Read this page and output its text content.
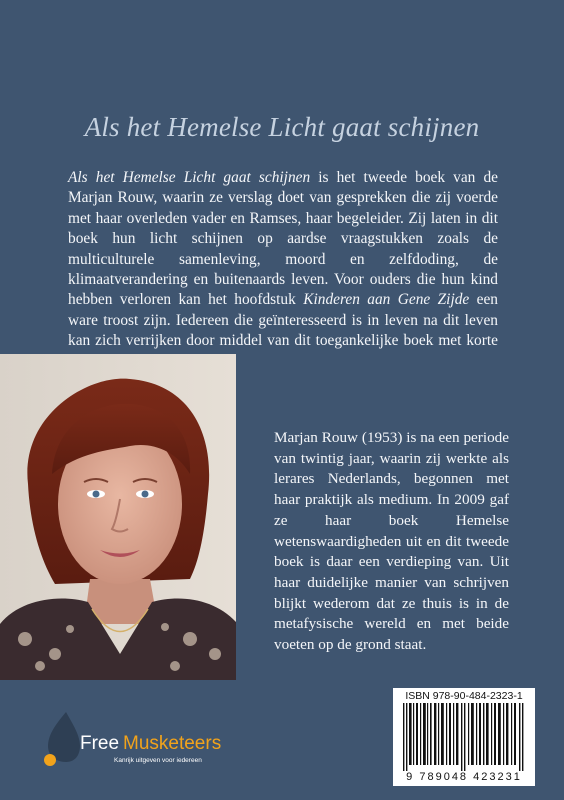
Als het Hemelse Licht gaat schijnen
Als het Hemelse Licht gaat schijnen is het tweede boek van de Marjan Rouw, waarin ze verslag doet van gesprekken die zij voerde met haar overleden vader en Ramses, haar begeleider. Zij laten in dit boek hun licht schijnen op aardse vraagstukken zoals de multiculturele samenleving, moord en zelfdoding, de klimaatverandering en buitenaards leven. Voor ouders die hun kind hebben verloren kan het hoofdstuk Kinderen aan Gene Zijde een ware troost zijn. Iedereen die geïnteresseerd is in leven na dit leven kan zich verrijken door middel van dit toegankelijke boek met korte
Marjan Rouw (1953) is na een periode van twintig jaar, waarin zij werkte als lerares Nederlands, begonnen met haar praktijk als medium. In 2009 gaf ze haar boek Hemelse wetenswaardigheden uit en dit tweede boek is daar een verdieping van. Uit haar duidelijke manier van schrijven blijkt wederom dat ze thuis is in de metafysische wereld en met beide voeten op de grond staat.
ISBN 978-90-484-2323-1
9 789048 423231
Free Musketeers
Kanrijk uitgeven voor iedereen
